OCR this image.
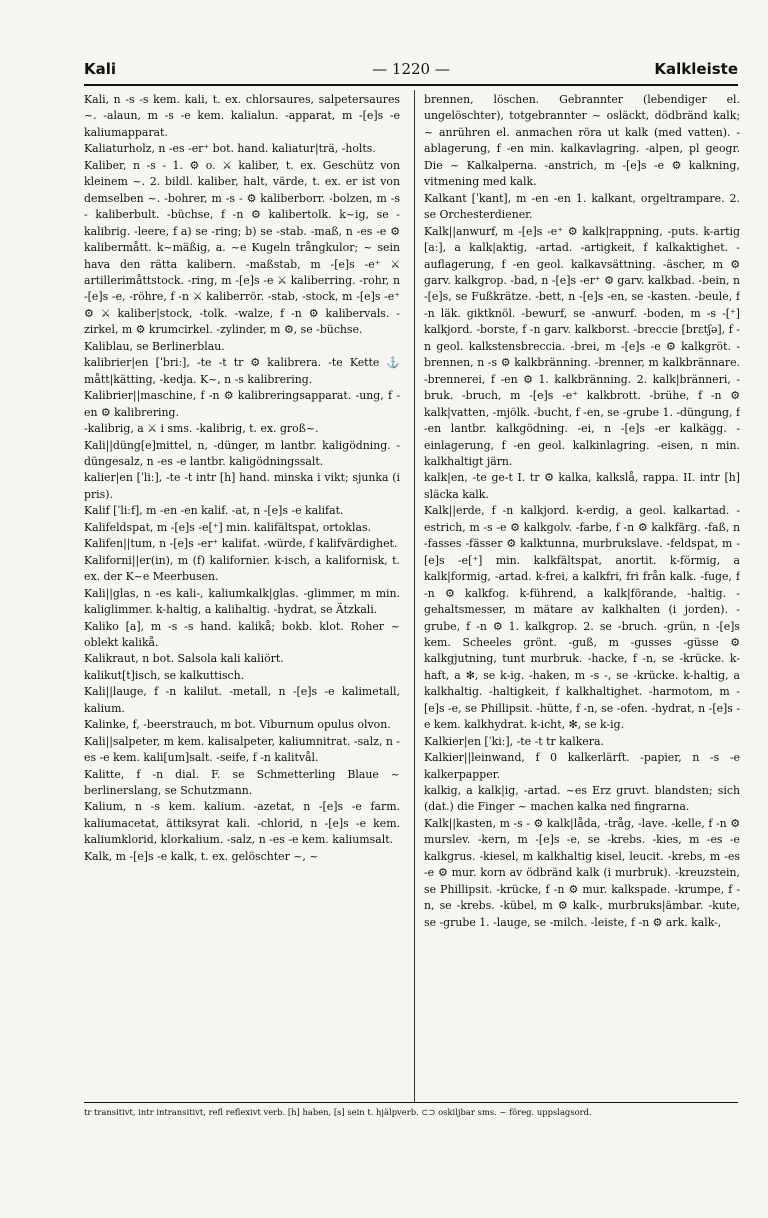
Kali	— 1220 —	Kalkleiste

Kali, n -s -s kem. kali, t. ex. chlorsaures, salpetersaures ~. -alaun, m -s -e kem. kalialun. -apparat, m -[e]s -e kaliumapparat.

Kaliaturholz, n -es -er⁺ bot. hand. kaliatur|trä, -holts.

Kaliber, n -s - 1. ⚙ o. ⚔ kaliber, t. ex. Geschütz von kleinem ~. 2. bildl. kaliber, halt, värde, t. ex. er ist von demselben ~. -bohrer, m -s - ⚙ kaliberborr. -bolzen, m -s - kaliberbult. -büchse, f -n ⚙ kalibertolk. k~ig, se -kalibrig. -leere, f a) se -ring; b) se -stab. -maß, n -es -e ⚙ kalibermått. k~mäßig, a. ~e Kugeln trångkulor; ~ sein hava den rätta kalibern. -maßstab, m -[e]s -e⁺ ⚔ artillerimåttstock. -ring, m -[e]s -e ⚔ kaliberring. -rohr, n -[e]s -e, -röhre, f -n ⚔ kaliberrör. -stab, -stock, m -[e]s -e⁺ ⚙ ⚔ kaliber|stock, -tolk. -walze, f -n ⚙ kalibervals. -zirkel, m ⚙ krumcirkel. -zylinder, m ⚙, se -büchse.

Kaliblau, se Berlinerblau.

kalibrier|en [ˈbriː], -te -t tr ⚙ kalibrera. -te Kette ⚓ mått|kätting, -kedja. K~, n -s kalibrering.

Kalibrier||maschine, f -n ⚙ kalibreringsapparat. -ung, f -en ⚙ kalibrering.

-kalibrig, a ⚔ i sms. -kalibrig, t. ex. groß~.

Kali||düng[e]mittel, n, -dünger, m lantbr. kaligödning. -düngesalz, n -es -e lantbr. kaligödningssalt.

kalier|en [ˈliː], -te -t intr [h] hand. minska i vikt; sjunka (i pris).

Kalif [ˈliːf], m -en -en kalif. -at, n -[e]s -e kalifat.

Kalifeldspat, m -[e]s -e[⁺] min. kalifältspat, ortoklas.

Kalifen||tum, n -[e]s -er⁺ kalifat. -würde, f kalifvärdighet.

Kaliforni||er(in), m (f) kalifornier. k-isch, a kalifornisk, t. ex. der K~e Meerbusen.

Kali||glas, n -es kali-, kaliumkalk|glas. -glimmer, m min. kaliglimmer. k-haltig, a kalihaltig. -hydrat, se Ätzkali.

Kaliko [a], m -s -s hand. kalikå; bokb. klot. Roher ~ oblekt kalikå.

Kalikraut, n bot. Salsola kali kaliört.

kalikut[t]isch, se kalkuttisch.

Kali||lauge, f -n kalilut. -metall, n -[e]s -e kalimetall, kalium.

Kalinke, f, -beerstrauch, m bot. Viburnum opulus olvon.

Kali||salpeter, m kem. kalisalpeter, kaliumnitrat. -salz, n -es -e kem. kali[um]salt. -seife, f -n kalitvål.

Kalitte, f -n dial. F. se Schmetterling Blaue ~ berlinerslang, se Schutzmann.

Kalium, n -s kem. kalium. -azetat, n -[e]s -e farm. kaliumacetat, ättiksyrat kali. -chlorid, n -[e]s -e kem. kaliumklorid, klorkalium. -salz, n -es -e kem. kaliumsalt.

Kalk, m -[e]s -e kalk, t. ex. gelöschter ~, ~

brennen, löschen. Gebrannter (lebendiger el. ungelöschter), totgebrannter ~ osläckt, dödbränd kalk; ~ anrühren el. anmachen röra ut kalk (med vatten). -ablagerung, f -en min. kalkavlagring. -alpen, pl geogr. Die ~ Kalkalperna. -anstrich, m -[e]s -e ⚙ kalkning, vitmening med kalk.

Kalkant [ˈkant], m -en -en 1. kalkant, orgeltrampare. 2. se Orchesterdiener.

Kalk||anwurf, m -[e]s -e⁺ ⚙ kalk|rappning, -puts. k-artig [aː], a kalk|aktig, -artad. -artigkeit, f kalkaktighet. -auflagerung, f -en geol. kalkavsättning. -äscher, m ⚙ garv. kalkgrop. -bad, n -[e]s -er⁺ ⚙ garv. kalkbad. -bein, n -[e]s, se Fußkrätze. -bett, n -[e]s -en, se -kasten. -beule, f -n läk. giktknöl. -bewurf, se -anwurf. -boden, m -s -[⁺] kalkjord. -borste, f -n garv. kalkborst. -breccie [brɛtʃə], f -n geol. kalkstensbreccia. -brei, m -[e]s -e ⚙ kalkgröt. -brennen, n -s ⚙ kalkbränning. -brenner, m kalkbrännare. -brennerei, f -en ⚙ 1. kalkbränning. 2. kalk|bränneri, -bruk. -bruch, m -[e]s -e⁺ kalkbrott. -brühe, f -n ⚙ kalk|vatten, -mjölk. -bucht, f -en, se -grube 1. -düngung, f -en lantbr. kalkgödning. -ei, n -[e]s -er kalkägg. -einlagerung, f -en geol. kalkinlagring. -eisen, n min. kalkhaltigt järn.

kalk|en, -te ge-t I. tr ⚙ kalka, kalkslå, rappa. II. intr [h] släcka kalk.

Kalk||erde, f -n kalkjord. k-erdig, a geol. kalkartad. -estrich, m -s -e ⚙ kalkgolv. -farbe, f -n ⚙ kalkfärg. -faß, n -fasses -fässer ⚙ kalktunna, murbrukslave. -feldspat, m -[e]s -e[⁺] min. kalkfältspat, anortit. k-förmig, a kalk|formig, -artad. k-frei, a kalkfri, fri från kalk. -fuge, f -n ⚙ kalkfog. k-führend, a kalk|förande, -haltig. -gehaltsmesser, m mätare av kalkhalten (i jorden). -grube, f -n ⚙ 1. kalkgrop. 2. se -bruch. -grün, n -[e]s kem. Scheeles grönt. -guß, m -gusses -güsse ⚙ kalkgjutning, tunt murbruk. -hacke, f -n, se -krücke. k-haft, a ✻, se k-ig. -haken, m -s -, se -krücke. k-haltig, a kalkhaltig. -haltigkeit, f kalkhaltighet. -harmotom, m -[e]s -e, se Phillipsit. -hütte, f -n, se -ofen. -hydrat, n -[e]s -e kem. kalkhydrat. k-icht, ✻, se k-ig.

Kalkier|en [ˈkiː], -te -t tr kalkera.

Kalkier||leinwand, f 0 kalkerlärft. -papier, n -s -e kalkerpapper.

kalkig, a kalk|ig, -artad. ~es Erz gruvt. blandsten; sich (dat.) die Finger ~ machen kalka ned fingrarna.

Kalk||kasten, m -s - ⚙ kalk|låda, -tråg, -lave. -kelle, f -n ⚙ murslev. -kern, m -[e]s -e, se -krebs. -kies, m -es -e kalkgrus. -kiesel, m kalkhaltig kisel, leucit. -krebs, m -es -e ⚙ mur. korn av ödbränd kalk (i murbruk). -kreuzstein, se Phillipsit. -krücke, f -n ⚙ mur. kalkspade. -krumpe, f -n, se -krebs. -kübel, m ⚙ kalk-, murbruks|ämbar. -kute, se -grube 1. -lauge, se -milch. -leiste, f -n ⚙ ark. kalk-,

tr transitivt, intr intransitivt, refl reflexivt verb. [h] haben, [s] sein t. hjälpverb. ⊂⊃ oskiljbar sms. ~ föreg. uppslagsord.
